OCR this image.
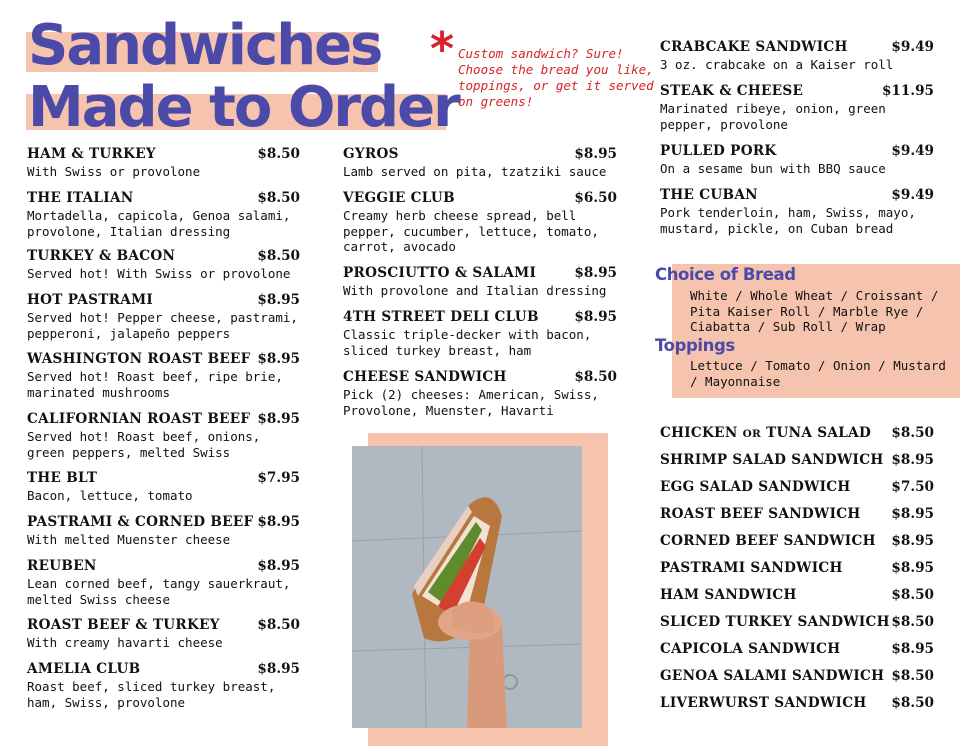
Sandwiches
Made to Order
* Custom sandwich? Sure! Choose the bread you like, toppings, or get it served on greens!
HAM & TURKEY	$8.50
With Swiss or provolone
THE ITALIAN	$8.50
Mortadella, capicola, Genoa salami, provolone, Italian dressing
TURKEY & BACON	$8.50
Served hot! With Swiss or provolone
HOT PASTRAMI	$8.95
Served hot! Pepper cheese, pastrami, pepperoni, jalapeño peppers
WASHINGTON ROAST BEEF $8.95
Served hot! Roast beef, ripe brie, marinated mushrooms
CALIFORNIAN ROAST BEEF $8.95
Served hot! Roast beef, onions, green peppers, melted Swiss
THE BLT	$7.95
Bacon, lettuce, tomato
PASTRAMI & CORNED BEEF $8.95
With melted Muenster cheese
REUBEN	$8.95
Lean corned beef, tangy sauerkraut, melted Swiss cheese
ROAST BEEF & TURKEY	$8.50
With creamy havarti cheese
AMELIA CLUB	$8.95
Roast beef, sliced turkey breast, ham, Swiss, provolone
GYROS	$8.95
Lamb served on pita, tzatziki sauce
VEGGIE CLUB	$6.50
Creamy herb cheese spread, bell pepper, cucumber, lettuce, tomato, carrot, avocado
PROSCIUTTO & SALAMI	$8.95
With provolone and Italian dressing
4TH STREET DELI CLUB	$8.95
Classic triple-decker with bacon, sliced turkey breast, ham
CHEESE SANDWICH	$8.50
Pick (2) cheeses: American, Swiss, Provolone, Muenster, Havarti
CRABCAKE SANDWICH	$9.49
3 oz. crabcake on a Kaiser roll
STEAK & CHEESE	$11.95
Marinated ribeye, onion, green pepper, provolone
PULLED PORK	$9.49
On a sesame bun with BBQ sauce
THE CUBAN	$9.49
Pork tenderloin, ham, Swiss, mayo, mustard, pickle, on Cuban bread
Choice of Bread
White / Whole Wheat / Croissant / Pita Kaiser Roll / Marble Rye / Ciabatta / Sub Roll / Wrap
Toppings
Lettuce / Tomato / Onion / Mustard / Mayonnaise
CHICKEN OR TUNA SALAD $8.50
SHRIMP SALAD SANDWICH $8.95
EGG SALAD SANDWICH	$7.50
ROAST BEEF SANDWICH $8.95
CORNED BEEF SANDWICH $8.95
PASTRAMI SANDWICH	$8.95
HAM SANDWICH	$8.50
SLICED TURKEY SANDWICH $8.50
CAPICOLA SANDWICH	$8.95
GENOA SALAMI SANDWICH $8.50
LIVERWURST SANDWICH $8.50
